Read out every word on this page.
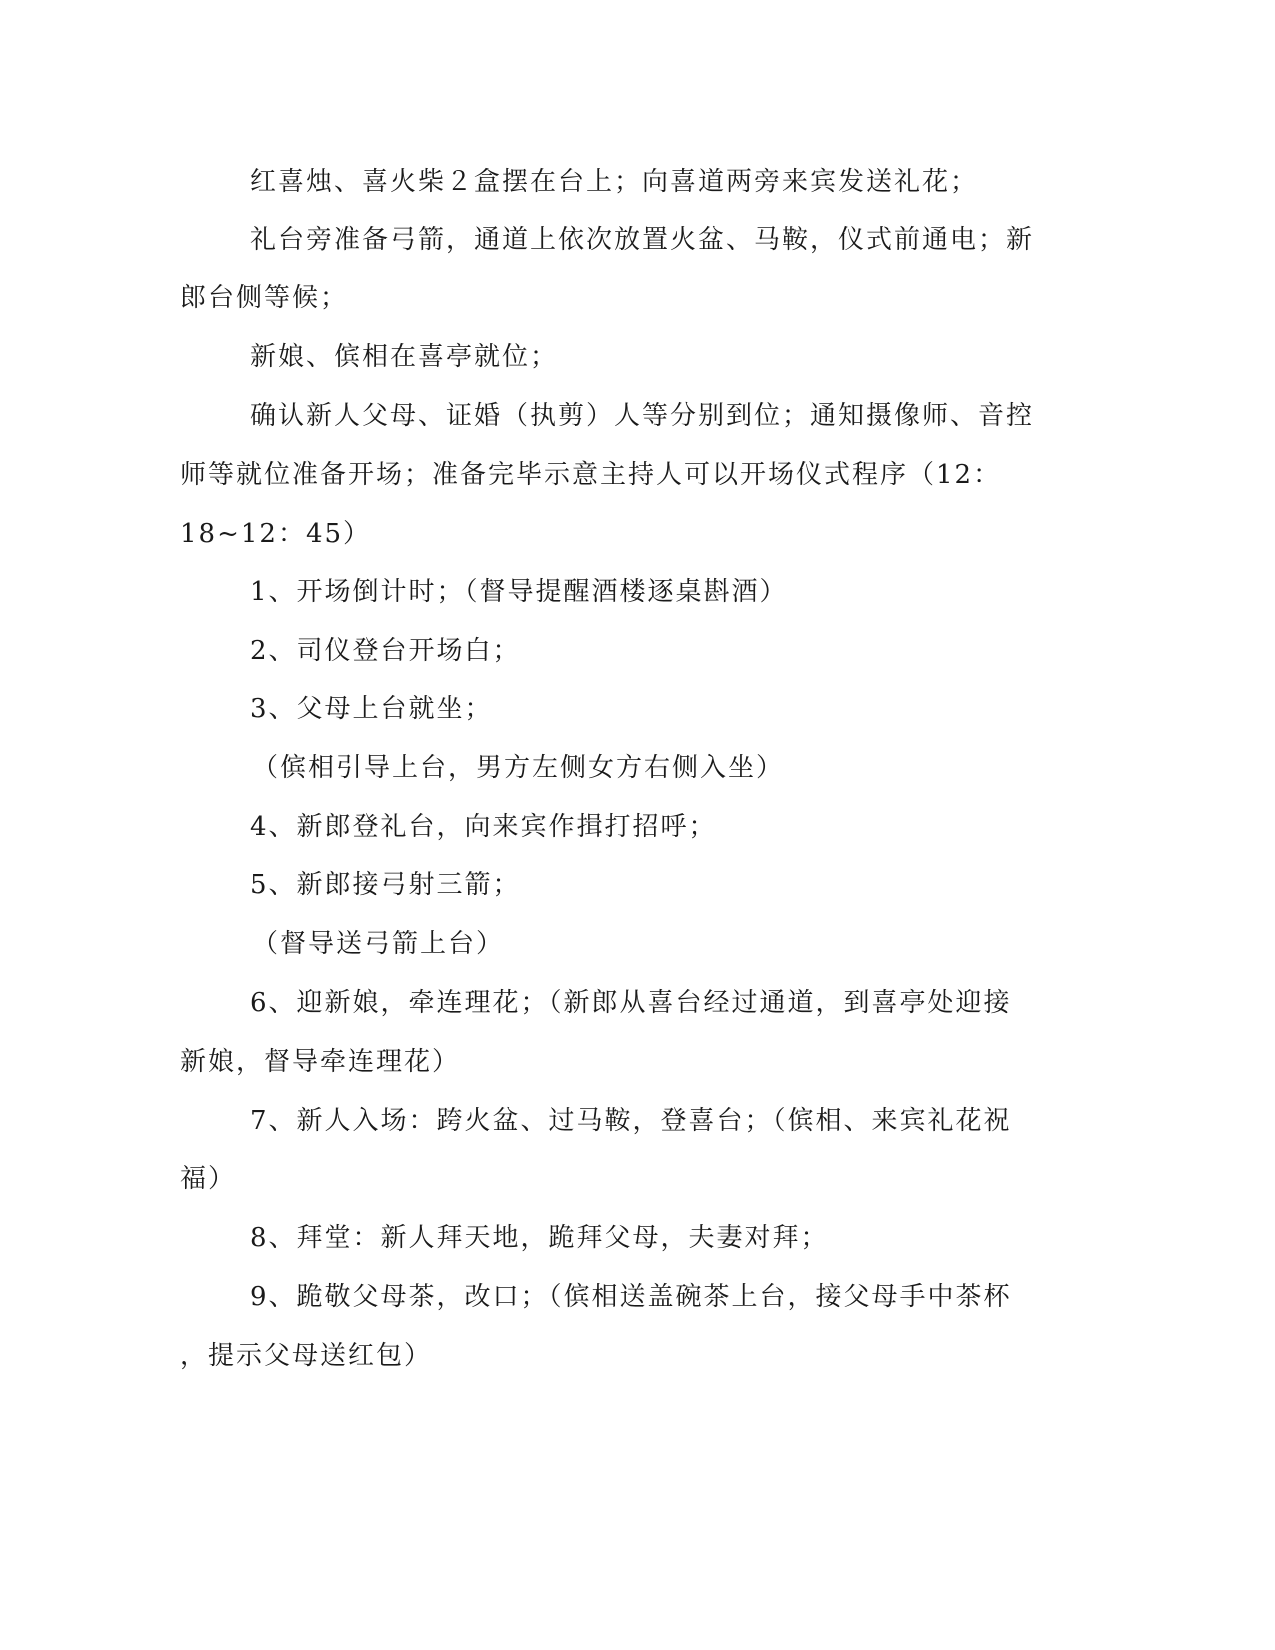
红喜烛、喜火柴２盒摆在台上；向喜道两旁来宾发送礼花；
礼台旁准备弓箭，通道上依次放置火盆、马鞍，仪式前通电；新
郎台侧等候；
新娘、傧相在喜亭就位；
确认新人父母、证婚（执剪）人等分别到位；通知摄像师、音控
师等就位准备开场；准备完毕示意主持人可以开场仪式程序（12：
18~12：45）
1、开场倒计时；（督导提醒酒楼逐桌斟酒）
2、司仪登台开场白；
3、父母上台就坐；
（傧相引导上台，男方左侧女方右侧入坐）
4、新郎登礼台，向来宾作揖打招呼；
5、新郎接弓射三箭；
（督导送弓箭上台）
6、迎新娘，牵连理花；（新郎从喜台经过通道，到喜亭处迎接
新娘，督导牵连理花）
7、新人入场：跨火盆、过马鞍，登喜台；（傧相、来宾礼花祝
福）
8、拜堂：新人拜天地，跪拜父母，夫妻对拜；
9、跪敬父母茶，改口；（傧相送盖碗茶上台，接父母手中茶杯
，提示父母送红包）
